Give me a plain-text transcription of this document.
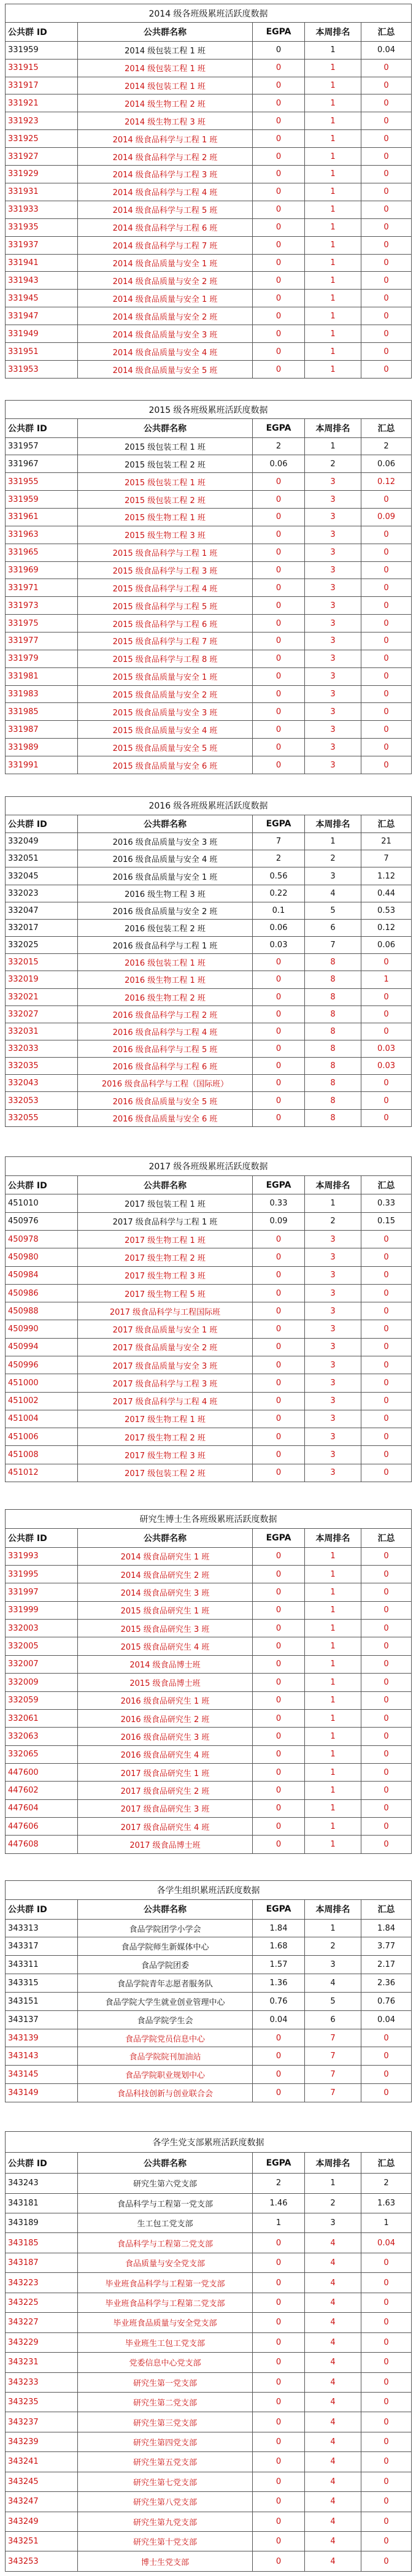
2014 级各班级累班活跃度数据				
公共群 ID	公共群名称	EGPA	本周排名	汇总
331959	2014 级包装工程 1 班	0	1	0.04
331915	2014 级包装工程 1 班	0	1	0
331917	2014 级包装工程 1 班	0	1	0
331921	2014 级生物工程 2 班	0	1	0
331923	2014 级生物工程 3 班	0	1	0
331925	2014 级食品科学与工程 1 班	0	1	0
331927	2014 级食品科学与工程 2 班	0	1	0
331929	2014 级食品科学与工程 3 班	0	1	0
331931	2014 级食品科学与工程 4 班	0	1	0
331933	2014 级食品科学与工程 5 班	0	1	0
331935	2014 级食品科学与工程 6 班	0	1	0
331937	2014 级食品科学与工程 7 班	0	1	0
331941	2014 级食品质量与安全 1 班	0	1	0
331943	2014 级食品质量与安全 2 班	0	1	0
331945	2014 级食品质量与安全 1 班	0	1	0
331947	2014 级食品质量与安全 2 班	0	1	0
331949	2014 级食品质量与安全 3 班	0	1	0
331951	2014 级食品质量与安全 4 班	0	1	0
331953	2014 级食品质量与安全 5 班	0	1	0
2015 级各班级累班活跃度数据				
公共群 ID	公共群名称	EGPA	本周排名	汇总
331957	2015 级包装工程 1 班	2	1	2
331967	2015 级包装工程 2 班	0.06	2	0.06
331955	2015 级包装工程 1 班	0	3	0.12
331959	2015 级包装工程 2 班	0	3	0
331961	2015 级生物工程 1 班	0	3	0.09
331963	2015 级生物工程 3 班	0	3	0
331965	2015 级食品科学与工程 1 班	0	3	0
331969	2015 级食品科学与工程 3 班	0	3	0
331971	2015 级食品科学与工程 4 班	0	3	0
331973	2015 级食品科学与工程 5 班	0	3	0
331975	2015 级食品科学与工程 6 班	0	3	0
331977	2015 级食品科学与工程 7 班	0	3	0
331979	2015 级食品科学与工程 8 班	0	3	0
331981	2015 级食品质量与安全 1 班	0	3	0
331983	2015 级食品质量与安全 2 班	0	3	0
331985	2015 级食品质量与安全 3 班	0	3	0
331987	2015 级食品质量与安全 4 班	0	3	0
331989	2015 级食品质量与安全 5 班	0	3	0
331991	2015 级食品质量与安全 6 班	0	3	0
2016 级各班级累班活跃度数据				
公共群 ID	公共群名称	EGPA	本周排名	汇总
332049	2016 级食品质量与安全 3 班	7	1	21
332051	2016 级食品质量与安全 4 班	2	2	7
332045	2016 级食品质量与安全 1 班	0.56	3	1.12
332023	2016 级生物工程 3 班	0.22	4	0.44
332047	2016 级食品质量与安全 2 班	0.1	5	0.53
332017	2016 级包装工程 2 班	0.06	6	0.12
332025	2016 级食品科学与工程 1 班	0.03	7	0.06
332015	2016 级包装工程 1 班	0	8	0
332019	2016 级生物工程 1 班	0	8	1
332021	2016 级生物工程 2 班	0	8	0
332027	2016 级食品科学与工程 2 班	0	8	0
332031	2016 级食品科学与工程 4 班	0	8	0
332033	2016 级食品科学与工程 5 班	0	8	0.03
332035	2016 级食品科学与工程 6 班	0	8	0.03
332043	2016 级食品科学与工程（国际班）	0	8	0
332053	2016 级食品质量与安全 5 班	0	8	0
332055	2016 级食品质量与安全 6 班	0	8	0
2017 级各班级累班活跃度数据				
公共群 ID	公共群名称	EGPA	本周排名	汇总
451010	2017 级包装工程 1 班	0.33	1	0.33
450976	2017 级食品科学与工程 1 班	0.09	2	0.15
450978	2017 级生物工程 1 班	0	3	0
450980	2017 级生物工程 2 班	0	3	0
450984	2017 级生物工程 3 班	0	3	0
450986	2017 级生物工程 5 班	0	3	0
450988	2017 级食品科学与工程国际班	0	3	0
450990	2017 级食品质量与安全 1 班	0	3	0
450994	2017 级食品质量与安全 2 班	0	3	0
450996	2017 级食品质量与安全 3 班	0	3	0
451000	2017 级食品科学与工程 3 班	0	3	0
451002	2017 级食品科学与工程 4 班	0	3	0
451004	2017 级生物工程 1 班	0	3	0
451006	2017 级生物工程 2 班	0	3	0
451008	2017 级生物工程 3 班	0	3	0
451012	2017 级包装工程 2 班	0	3	0
研究生博士生各班级累班活跃度数据				
公共群 ID	公共群名称	EGPA	本周排名	汇总
331993	2014 级食品研究生 1 班	0	1	0
331995	2014 级食品研究生 2 班	0	1	0
331997	2014 级食品研究生 3 班	0	1	0
331999	2015 级食品研究生 1 班	0	1	0
332003	2015 级食品研究生 3 班	0	1	0
332005	2015 级食品研究生 4 班	0	1	0
332007	2014 级食品博士班	0	1	0
332009	2015 级食品博士班	0	1	0
332059	2016 级食品研究生 1 班	0	1	0
332061	2016 级食品研究生 2 班	0	1	0
332063	2016 级食品研究生 3 班	0	1	0
332065	2016 级食品研究生 4 班	0	1	0
447600	2017 级食品研究生 1 班	0	1	0
447602	2017 级食品研究生 2 班	0	1	0
447604	2017 级食品研究生 3 班	0	1	0
447606	2017 级食品研究生 4 班	0	1	0
447608	2017 级食品博士班	0	1	0
各学生组织累班活跃度数据				
公共群 ID	公共群名称	EGPA	本周排名	汇总
343313	食品学院团学小学会	1.84	1	1.84
343317	食品学院师生新媒体中心	1.68	2	3.77
343311	食品学院团委	1.57	3	2.17
343315	食品学院青年志愿者服务队	1.36	4	2.36
343151	食品学院大学生就业创业管理中心	0.76	5	0.76
343137	食品学院学生会	0.04	6	0.04
343139	食品学院党员信息中心	0	7	0
343143	食品学院院刊加油站	0	7	0
343145	食品学院职业规划中心	0	7	0
343149	食品科技创新与创业联合会	0	7	0
各学生党支部累班活跃度数据				
公共群 ID	公共群名称	EGPA	本周排名	汇总
343243	研究生第六党支部	2	1	2
343181	食品科学与工程第一党支部	1.46	2	1.63
343189	生工包工党支部	1	3	1
343185	食品科学与工程第二党支部	0	4	0.04
343187	食品质量与安全党支部	0	4	0
343223	毕业班食品科学与工程第一党支部	0	4	0
343225	毕业班食品科学与工程第二党支部	0	4	0
343227	毕业班食品质量与安全党支部	0	4	0
343229	毕业班生工包工党支部	0	4	0
343231	党委信息中心党支部	0	4	0
343233	研究生第一党支部	0	4	0
343235	研究生第二党支部	0	4	0
343237	研究生第三党支部	0	4	0
343239	研究生第四党支部	0	4	0
343241	研究生第五党支部	0	4	0
343245	研究生第七党支部	0	4	0
343247	研究生第八党支部	0	4	0
343249	研究生第九党支部	0	4	0
343251	研究生第十党支部	0	4	0
343253	博士生党支部	0	4	0
